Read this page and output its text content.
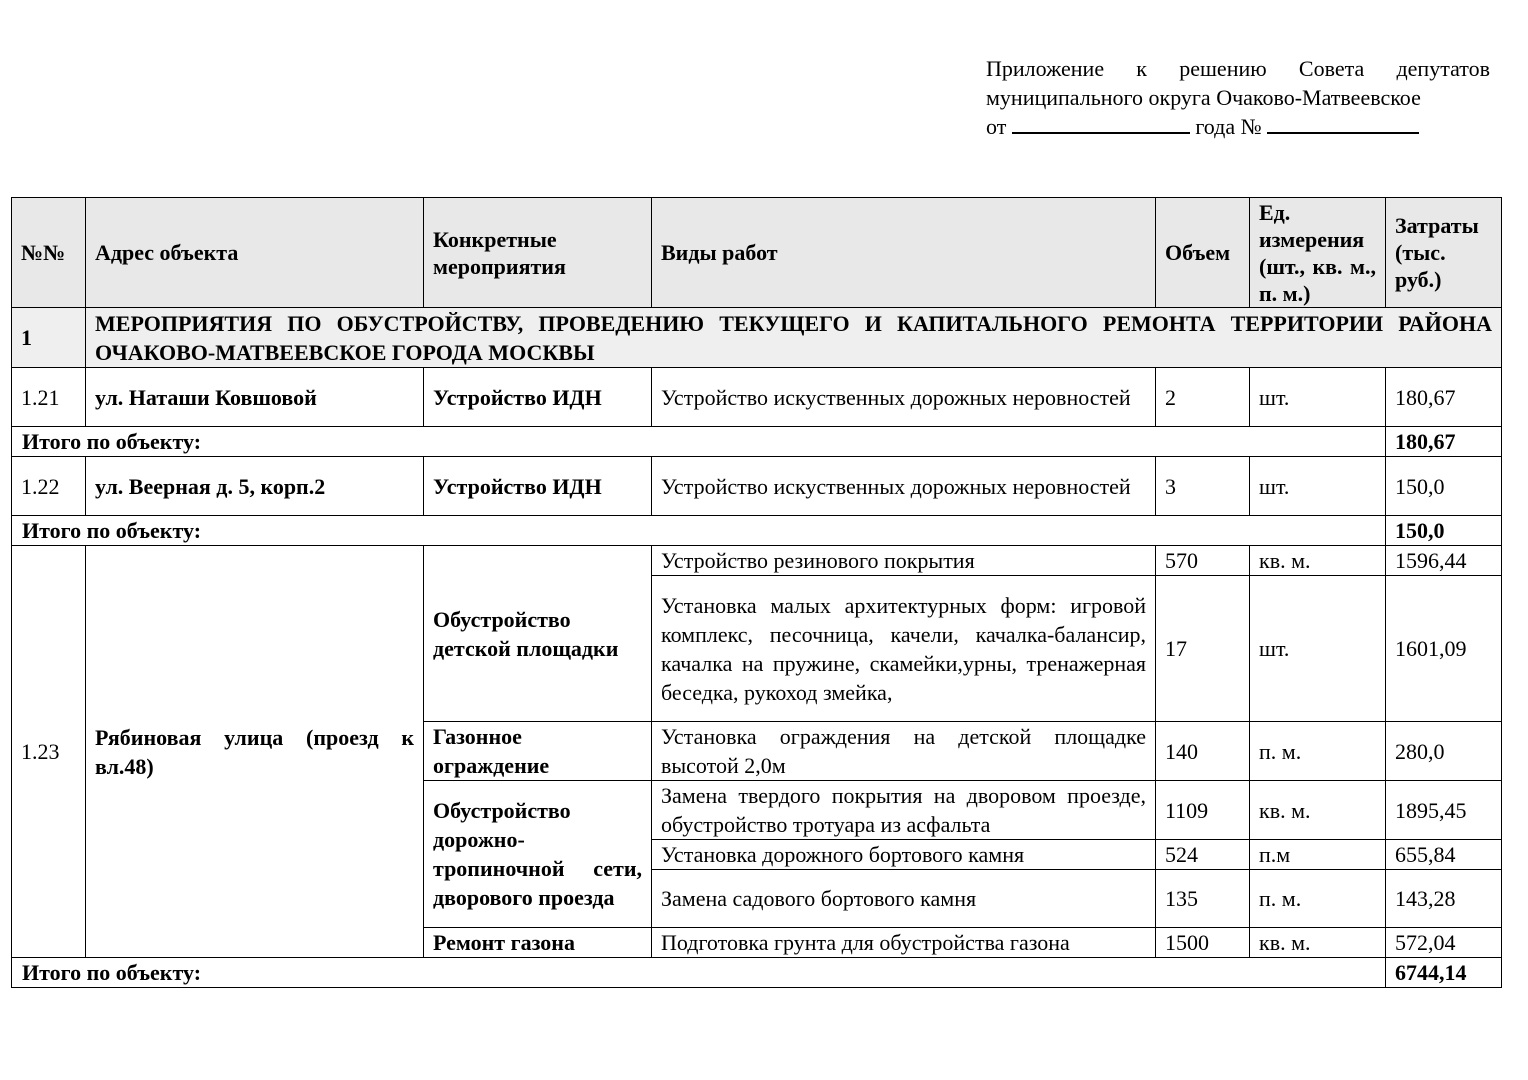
Приложение к решению Совета депутатов
муниципального округа Очаково-Матвеевское
от	года №
№№	Адрес объекта	Конкретные мероприятия	Виды работ	Объем	Ед. измерения (шт., кв. м., п. м.)	Затраты (тыс. руб.)
1	МЕРОПРИЯТИЯ ПО ОБУСТРОЙСТВУ, ПРОВЕДЕНИЮ ТЕКУЩЕГО И КАПИТАЛЬНОГО РЕМОНТА ТЕРРИТОРИИ РАЙОНА ОЧАКОВО-МАТВЕЕВСКОЕ ГОРОДА МОСКВЫ					
1.21	ул. Наташи Ковшовой	Устройство ИДН	Устройство искуственных дорожных неровностей	2	шт.	180,67
Итого по объекту:						180,67
1.22	ул. Веерная д. 5, корп.2	Устройство ИДН	Устройство искуственных дорожных неровностей	3	шт.	150,0
Итого по объекту:						150,0
1.23	Рябиновая улица (проезд к вл.48)	Обустройство детской площадки	Устройство резинового покрытия	570	кв. м.	1596,44
			Установка малых архитектурных форм: игровой комплекс, песочница, качели, качалка-балансир, качалка на пружине, скамейки,урны, тренажерная беседка, рукоход змейка,	17	шт.	1601,09
		Газонное ограждение	Установка ограждения на детской площадке высотой 2,0м	140	п. м.	280,0
		Обустройство дорожно-тропиночной сети, дворового проезда	Замена твердого покрытия на дворовом проезде, обустройство тротуара из асфальта	1109	кв. м.	1895,45
			Установка дорожного бортового камня	524	п.м	655,84
			Замена садового бортового камня	135	п. м.	143,28
		Ремонт газона	Подготовка грунта для обустройства газона	1500	кв. м.	572,04
Итого по объекту:						6744,14
